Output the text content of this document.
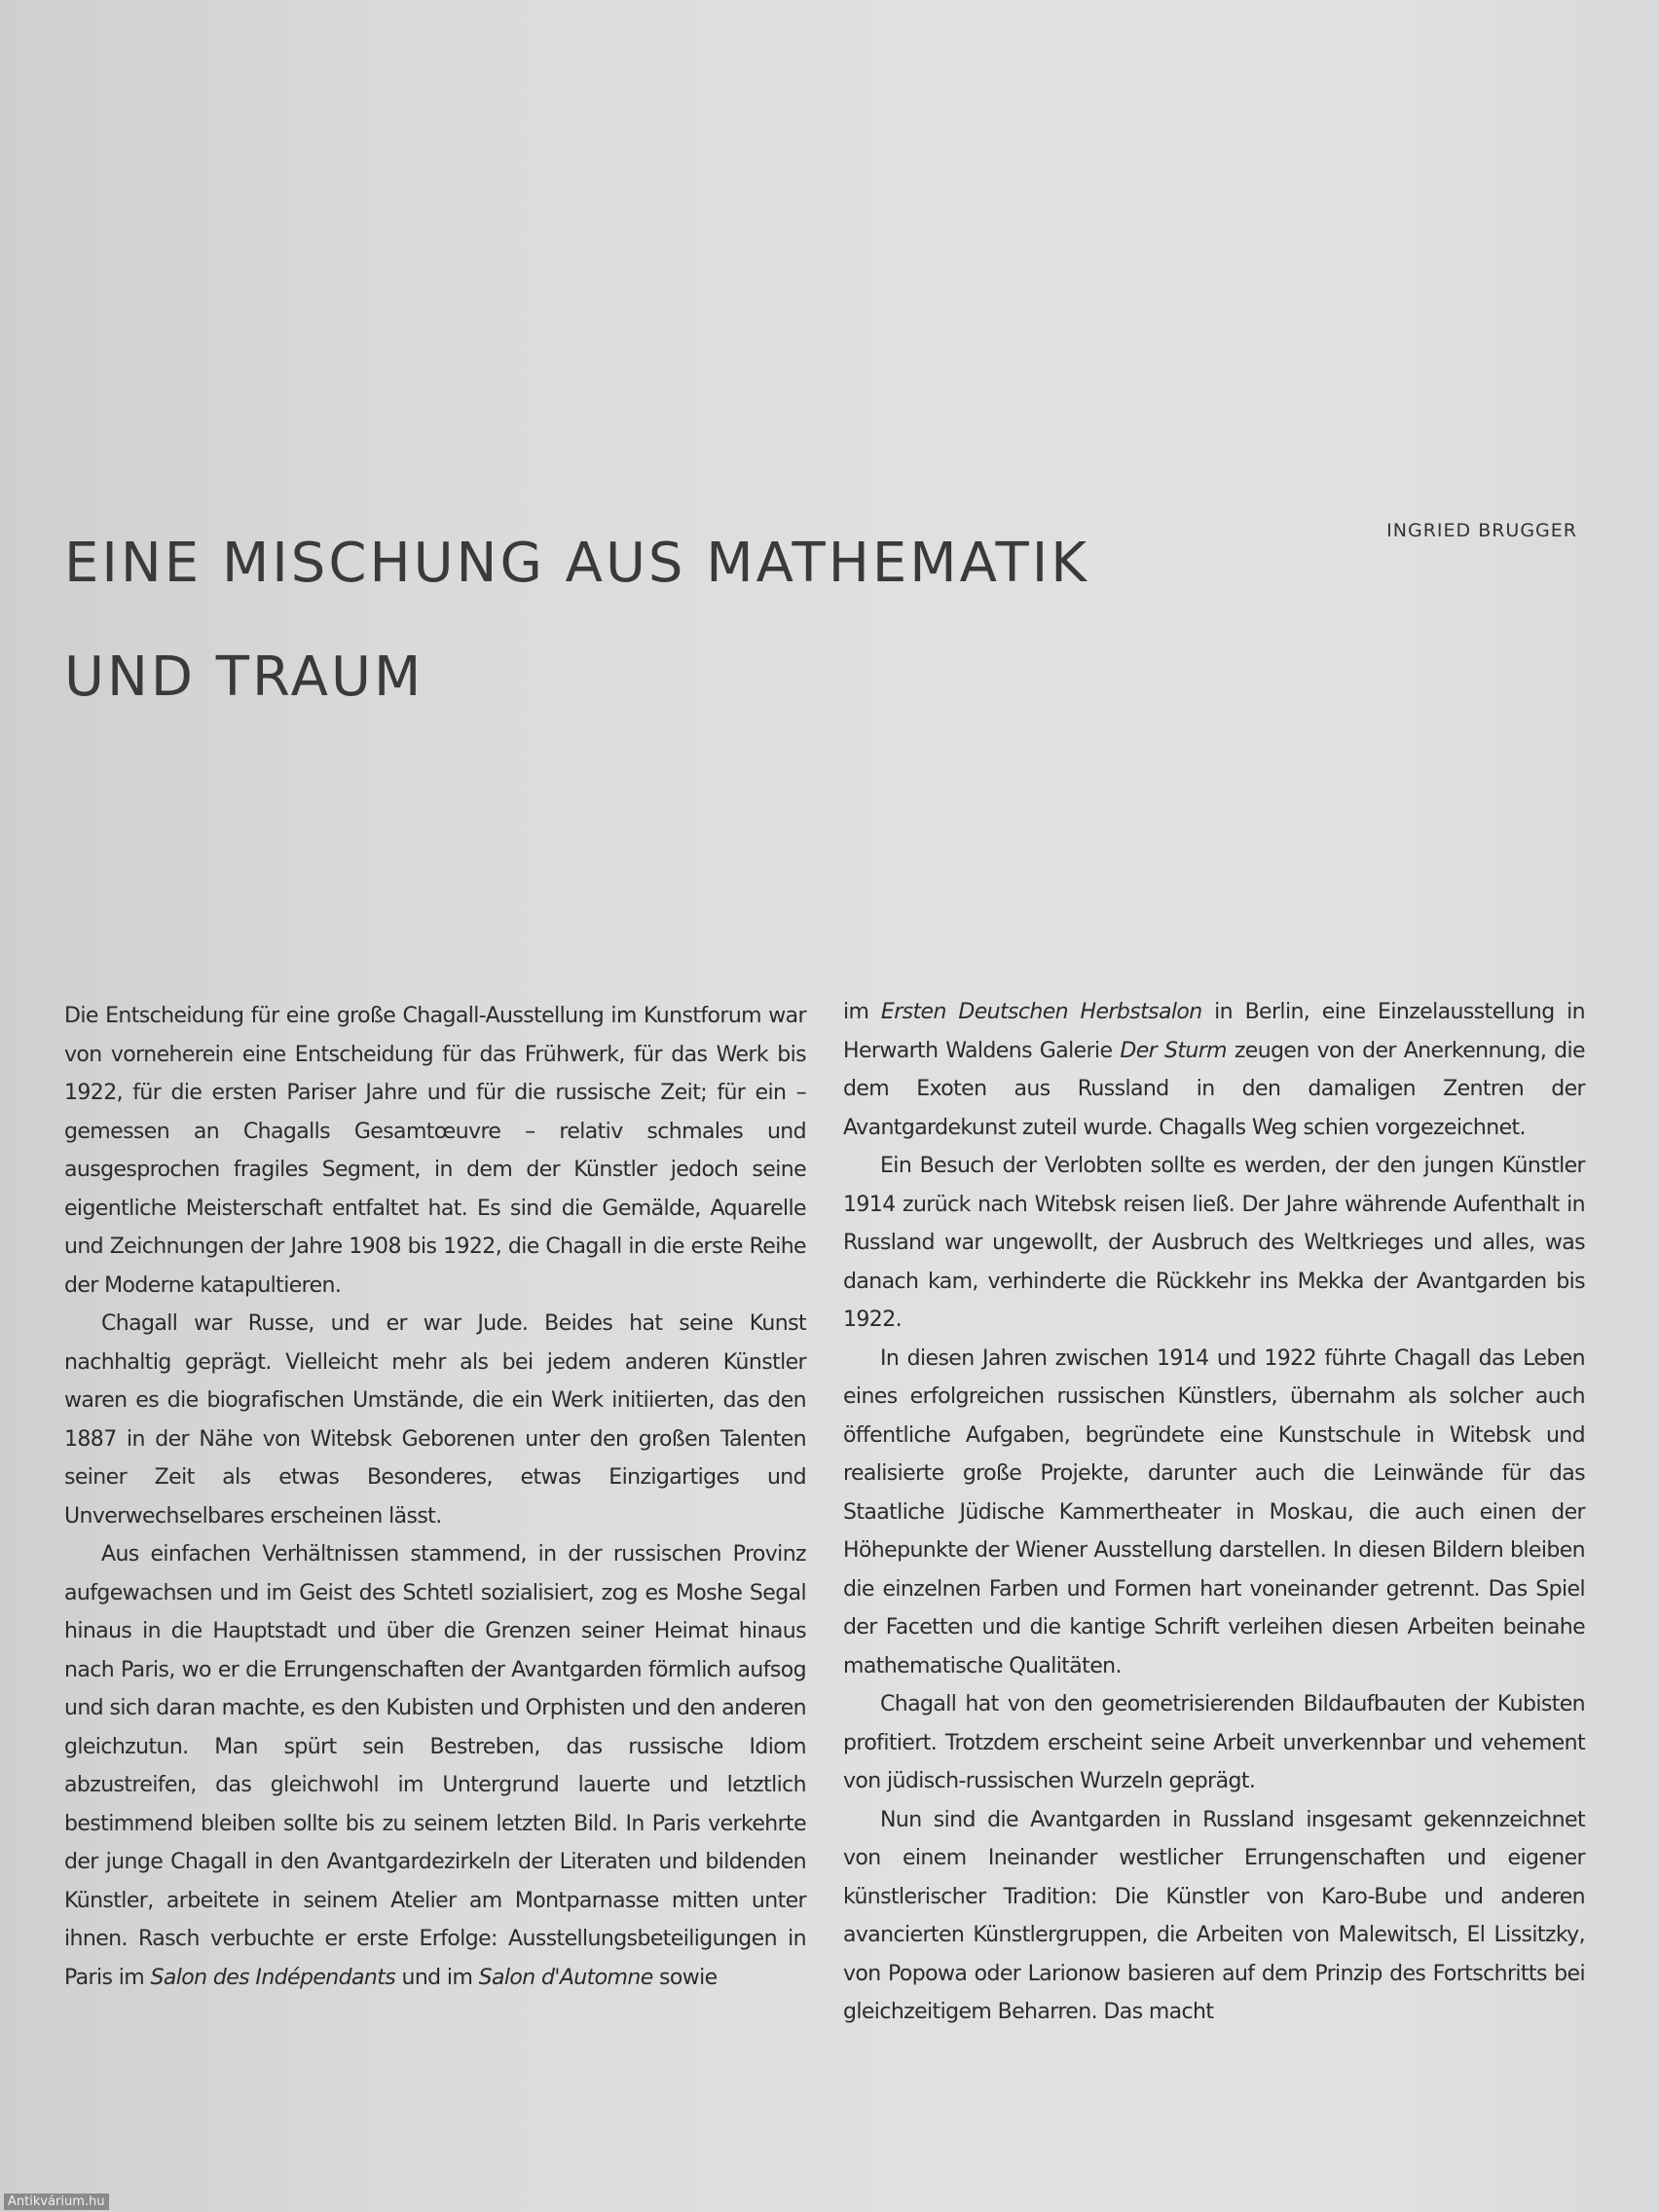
EINE MISCHUNG AUS MATHEMATIK
UND TRAUM
INGRIED BRUGGER

Die Entscheidung für eine große Chagall-Ausstellung im Kunstforum war von vorneherein eine Entscheidung für das Frühwerk, für das Werk bis 1922, für die ersten Pariser Jahre und für die russische Zeit; für ein – gemessen an Chagalls Gesamtœuvre – relativ schmales und ausgesprochen fragiles Segment, in dem der Künstler jedoch seine eigentliche Meisterschaft entfaltet hat. Es sind die Gemälde, Aquarelle und Zeichnungen der Jahre 1908 bis 1922, die Chagall in die erste Reihe der Moderne katapultieren.

Chagall war Russe, und er war Jude. Beides hat seine Kunst nachhaltig geprägt. Vielleicht mehr als bei jedem anderen Künstler waren es die biografischen Umstände, die ein Werk initiierten, das den 1887 in der Nähe von Witebsk Geborenen unter den großen Talenten seiner Zeit als etwas Besonderes, etwas Einzigartiges und Unverwechselbares erscheinen lässt.

Aus einfachen Verhältnissen stammend, in der russischen Provinz aufgewachsen und im Geist des Schtetl sozialisiert, zog es Moshe Segal hinaus in die Hauptstadt und über die Grenzen seiner Heimat hinaus nach Paris, wo er die Errungenschaften der Avantgarden förmlich aufsog und sich daran machte, es den Kubisten und Orphisten und den anderen gleichzutun. Man spürt sein Bestreben, das russische Idiom abzustreifen, das gleichwohl im Untergrund lauerte und letztlich bestimmend bleiben sollte bis zu seinem letzten Bild. In Paris verkehrte der junge Chagall in den Avantgardezirkeln der Literaten und bildenden Künstler, arbeitete in seinem Atelier am Montparnasse mitten unter ihnen. Rasch verbuchte er erste Erfolge: Ausstellungsbeteiligungen in Paris im Salon des Indépendants und im Salon d'Automne sowie

im Ersten Deutschen Herbstsalon in Berlin, eine Einzelausstellung in Herwarth Waldens Galerie Der Sturm zeugen von der Anerkennung, die dem Exoten aus Russland in den damaligen Zentren der Avantgardekunst zuteil wurde. Chagalls Weg schien vorgezeichnet.

Ein Besuch der Verlobten sollte es werden, der den jungen Künstler 1914 zurück nach Witebsk reisen ließ. Der Jahre währende Aufenthalt in Russland war ungewollt, der Ausbruch des Weltkrieges und alles, was danach kam, verhinderte die Rückkehr ins Mekka der Avantgarden bis 1922.

In diesen Jahren zwischen 1914 und 1922 führte Chagall das Leben eines erfolgreichen russischen Künstlers, übernahm als solcher auch öffentliche Aufgaben, begründete eine Kunstschule in Witebsk und realisierte große Projekte, darunter auch die Leinwände für das Staatliche Jüdische Kammertheater in Moskau, die auch einen der Höhepunkte der Wiener Ausstellung darstellen. In diesen Bildern bleiben die einzelnen Farben und Formen hart voneinander getrennt. Das Spiel der Facetten und die kantige Schrift verleihen diesen Arbeiten beinahe mathematische Qualitäten.

Chagall hat von den geometrisierenden Bildaufbauten der Kubisten profitiert. Trotzdem erscheint seine Arbeit unverkennbar und vehement von jüdisch-russischen Wurzeln geprägt.

Nun sind die Avantgarden in Russland insgesamt gekennzeichnet von einem Ineinander westlicher Errungenschaften und eigener künstlerischer Tradition: Die Künstler von Karo-Bube und anderen avancierten Künstlergruppen, die Arbeiten von Malewitsch, El Lissitzky, von Popowa oder Larionow basieren auf dem Prinzip des Fortschritts bei gleichzeitigem Beharren. Das macht

Antikvárium.hu
